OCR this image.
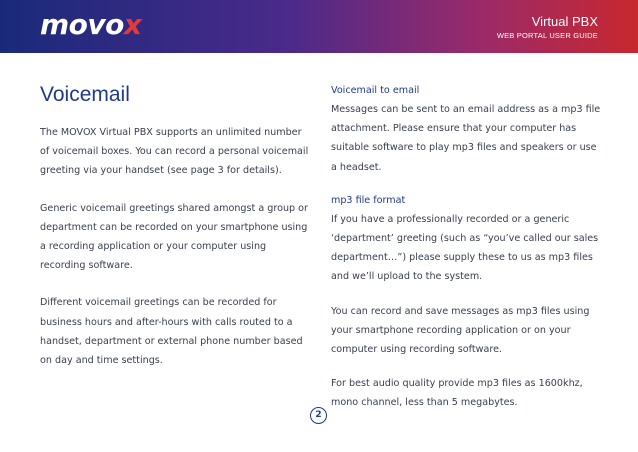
movox	Virtual PBX
WEB PORTAL USER GUIDE
Voicemail

The MOVOX Virtual PBX supports an unlimited number of voicemail boxes. You can record a personal voicemail greeting via your handset (see page 3 for details).

Generic voicemail greetings shared amongst a group or department can be recorded on your smartphone using a recording application or your computer using recording software.

Different voicemail greetings can be recorded for business hours and after-hours with calls routed to a handset, department or external phone number based on day and time settings.

Voicemail to email

Messages can be sent to an email address as a mp3 file attachment. Please ensure that your computer has suitable software to play mp3 files and speakers or use a headset.

mp3 file format

If you have a professionally recorded or a generic ‘department’ greeting (such as “you’ve called our sales department…”) please supply these to us as mp3 files and we’ll upload to the system.

You can record and save messages as mp3 files using your smartphone recording application or on your computer using recording software.

For best audio quality provide mp3 files as 1600khz, mono channel, less than 5 megabytes.

2
